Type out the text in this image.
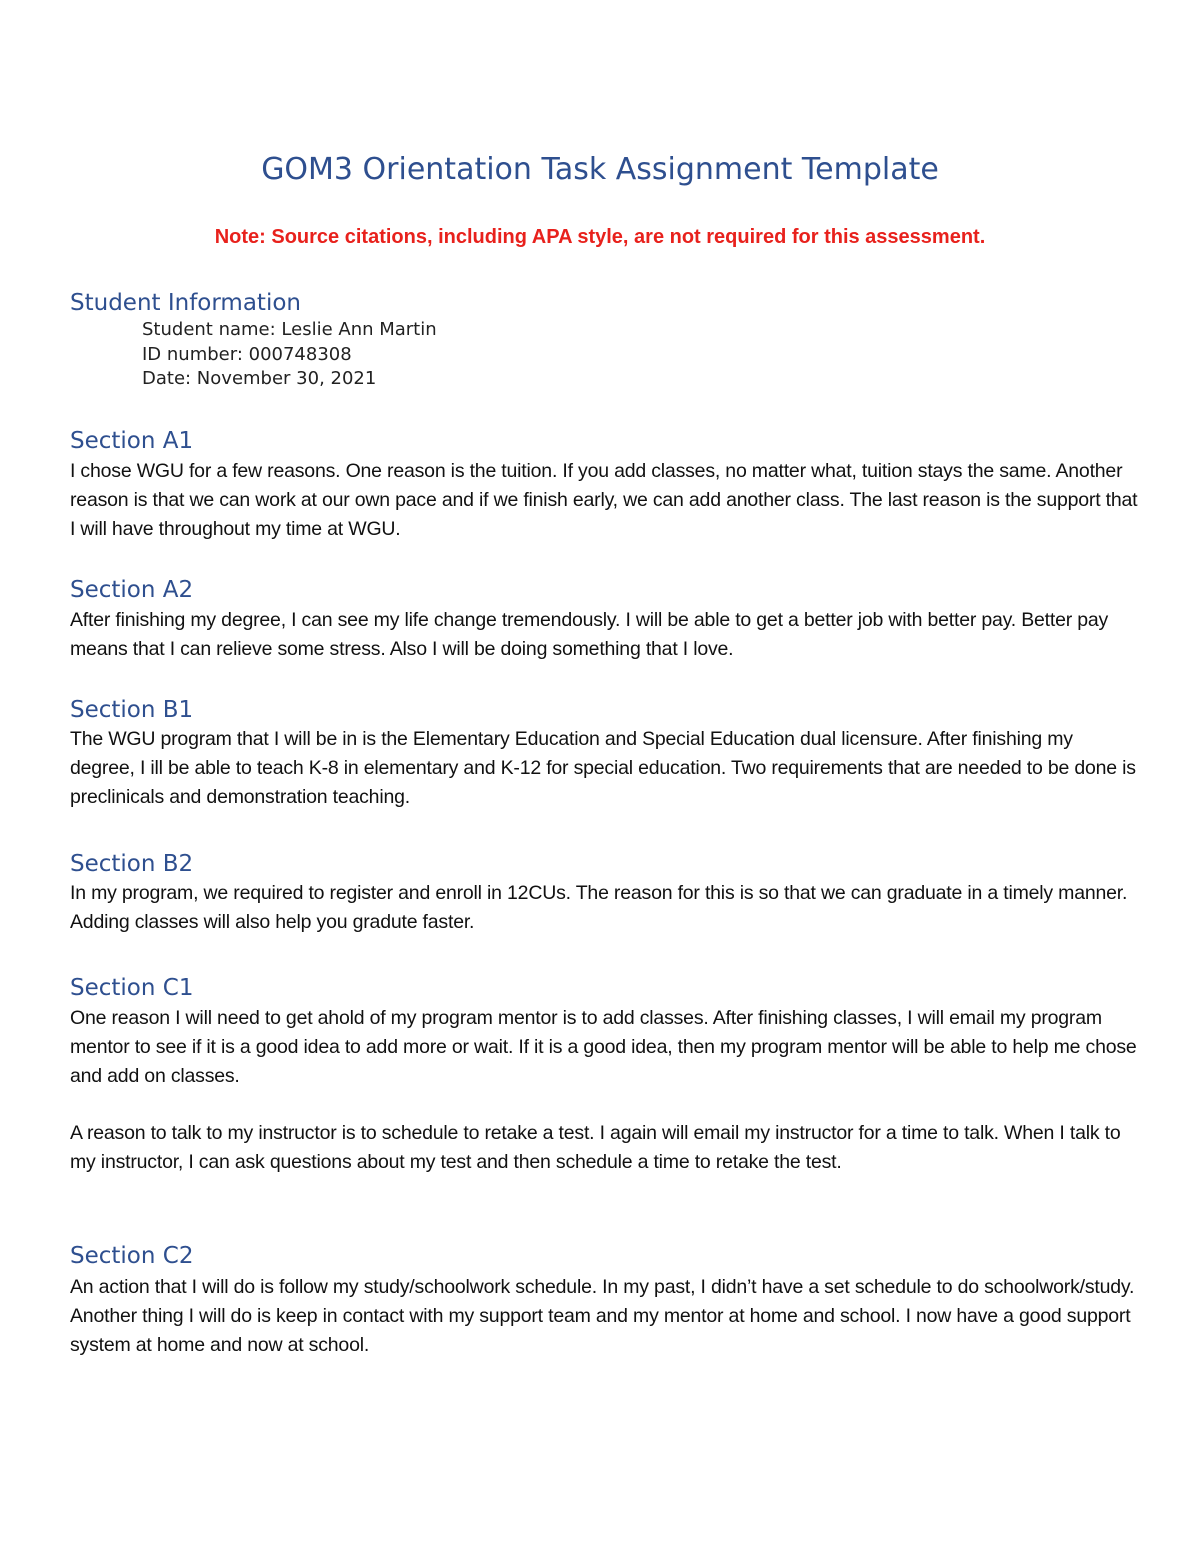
GOM3 Orientation Task Assignment Template

Note: Source citations, including APA style, are not required for this assessment.

Student Information
Student name: Leslie Ann Martin
ID number: 000748308
Date: November 30, 2021
Section A1

I chose WGU for a few reasons. One reason is the tuition. If you add classes, no matter what, tuition stays the same. Another reason is that we can work at our own pace and if we finish early, we can add another class. The last reason is the support that I will have throughout my time at WGU.

Section A2

After finishing my degree, I can see my life change tremendously. I will be able to get a better job with better pay. Better pay means that I can relieve some stress. Also I will be doing something that I love.

Section B1

The WGU program that I will be in is the Elementary Education and Special Education dual licensure. After finishing my degree, I ill be able to teach K-8 in elementary and K-12 for special education. Two requirements that are needed to be done is preclinicals and demonstration teaching.

Section B2

In my program, we required to register and enroll in 12CUs. The reason for this is so that we can graduate in a timely manner. Adding classes will also help you gradute faster.

Section C1

One reason I will need to get ahold of my program mentor is to add classes. After finishing classes, I will email my program mentor to see if it is a good idea to add more or wait. If it is a good idea, then my program mentor will be able to help me chose and add on classes.

A reason to talk to my instructor is to schedule to retake a test. I again will email my instructor for a time to talk. When I talk to my instructor, I can ask questions about my test and then schedule a time to retake the test.

Section C2

An action that I will do is follow my study/schoolwork schedule. In my past, I didn’t have a set schedule to do schoolwork/study. Another thing I will do is keep in contact with my support team and my mentor at home and school. I now have a good support system at home and now at school.
